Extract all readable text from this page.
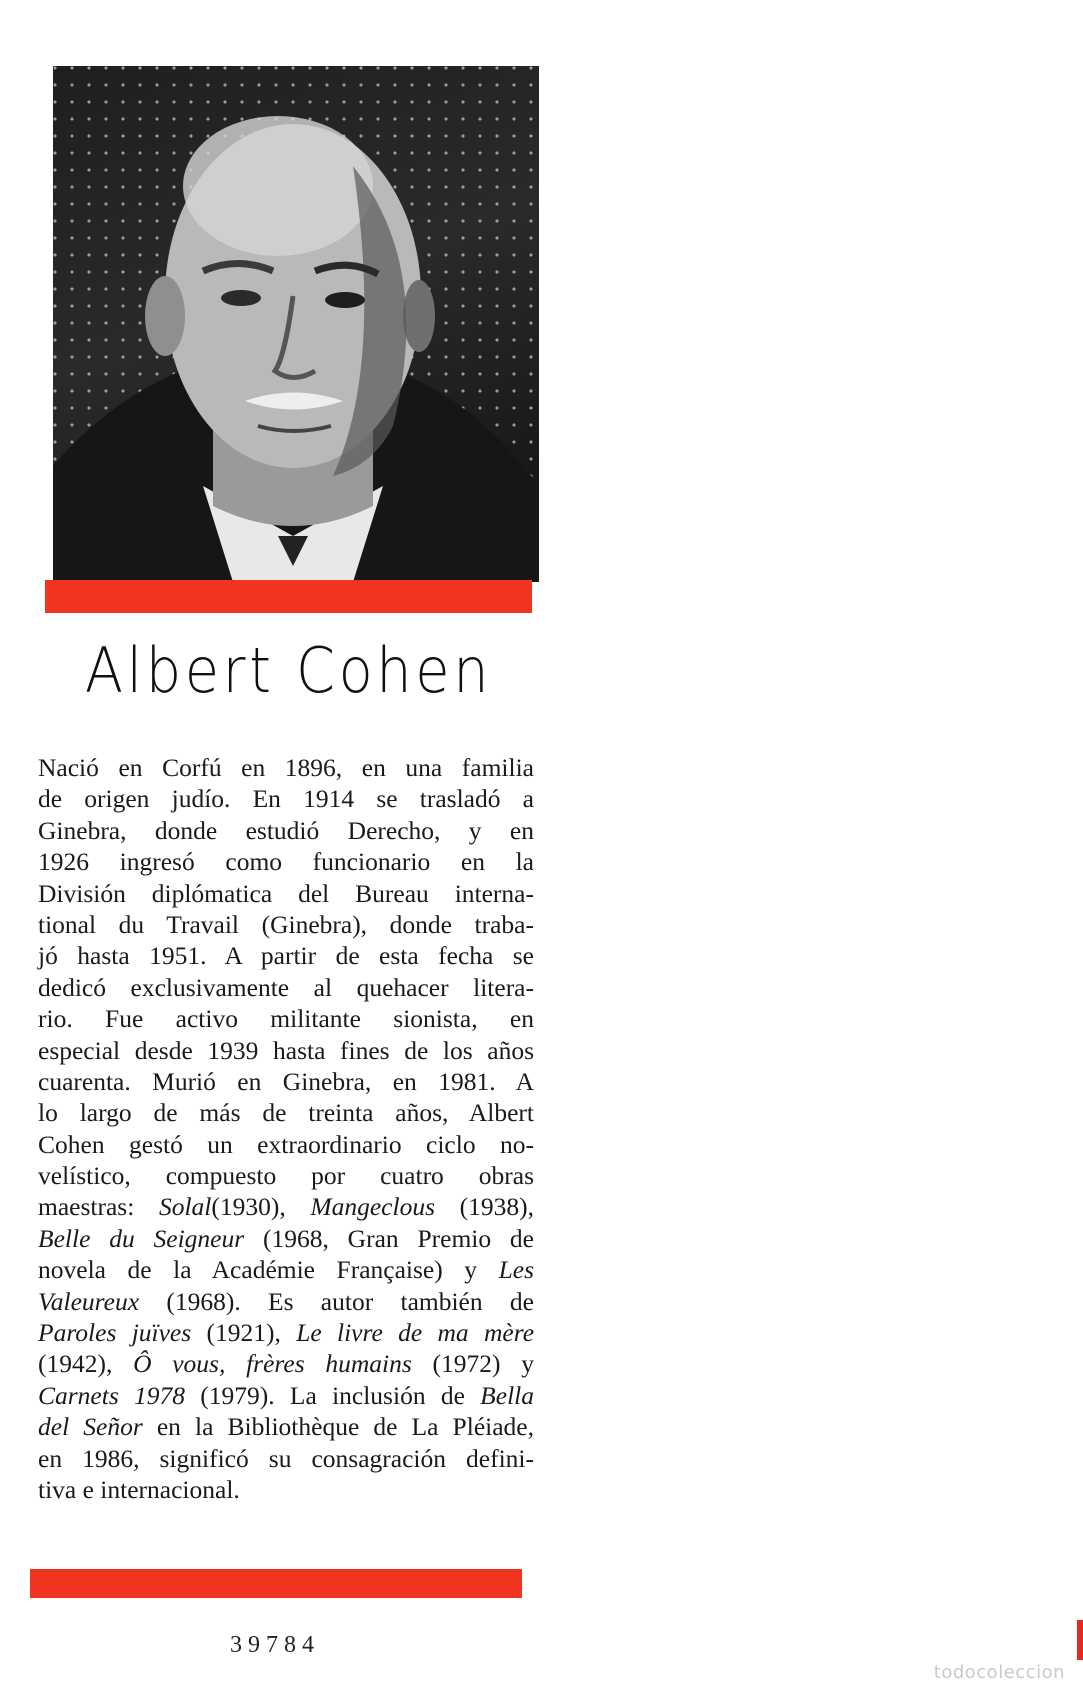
Albert Cohen
Nació en Corfú en 1896, en una familia
de origen judío. En 1914 se trasladó a
Ginebra, donde estudió Derecho, y en
1926 ingresó como funcionario en la
División diplómatica del Bureau interna-
tional du Travail (Ginebra), donde traba-
jó hasta 1951. A partir de esta fecha se
dedicó exclusivamente al quehacer litera-
rio. Fue activo militante sionista, en
especial desde 1939 hasta fines de los años
cuarenta. Murió en Ginebra, en 1981. A
lo largo de más de treinta años, Albert
Cohen gestó un extraordinario ciclo no-
velístico, compuesto por cuatro obras
maestras: Solal(1930), Mangeclous (1938),
Belle du Seigneur (1968, Gran Premio de
novela de la Académie Française) y Les
Valeureux (1968). Es autor también de
Paroles juïves (1921), Le livre de ma mère
(1942), Ô vous, frères humains (1972) y
Carnets 1978 (1979). La inclusión de Bella
del Señor en la Bibliothèque de La Pléiade,
en 1986, significó su consagración defini-
tiva e internacional.
39784
todocoleccion
